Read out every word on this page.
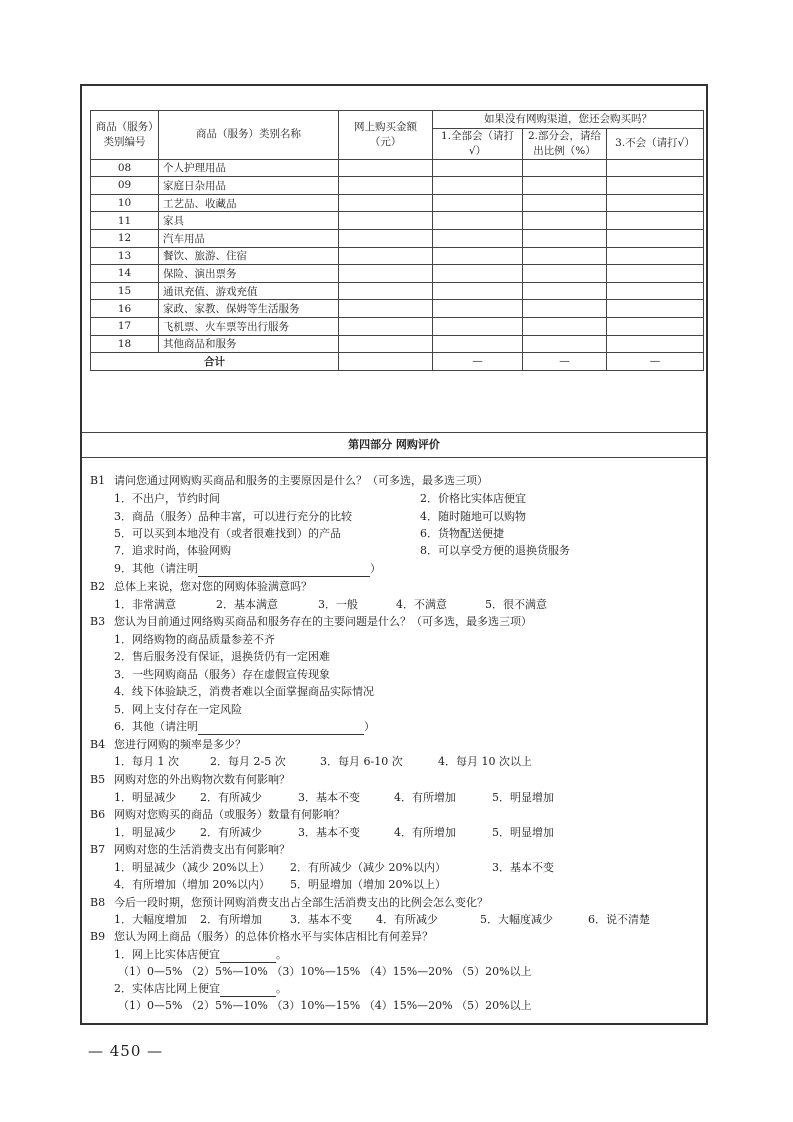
商品（服务）类别编号	商品（服务）类别名称	网上购买金额（元）	如果没有网购渠道，您还会购买吗？		
			1.全部会（请打√）	2.部分会，请给出比例（%）	3.不会（请打√）
08	个人护理用品				
09	家庭日杂用品				
10	工艺品、收藏品				
11	家具				
12	汽车用品				
13	餐饮、旅游、住宿				
14	保险、演出票务				
15	通讯充值、游戏充值				
16	家政、家教、保姆等生活服务				
17	飞机票、火车票等出行服务				
18	其他商品和服务				
合计			—	—	—
第四部分 网购评价
B1 请问您通过网购购买商品和服务的主要原因是什么？（可多选，最多选三项）
1．不出户，节约时间	2．价格比实体店便宜
3．商品（服务）品种丰富，可以进行充分的比较	4．随时随地可以购物
5．可以买到本地没有（或者很难找到）的产品	6．货物配送便捷
7．追求时尚，体验网购	8．可以享受方便的退换货服务
9．其他（请注明	）
B2 总体上来说，您对您的网购体验满意吗？
1．非常满意	2．基本满意	3．一般	4．不满意	5．很不满意
B3 您认为目前通过网络购买商品和服务存在的主要问题是什么？（可多选，最多选三项）
1．网络购物的商品质量参差不齐
2．售后服务没有保证，退换货仍有一定困难
3．一些网购商品（服务）存在虚假宣传现象
4．线下体验缺乏，消费者难以全面掌握商品实际情况
5．网上支付存在一定风险
6．其他（请注明	）
B4 您进行网购的频率是多少？
1．每月 1 次	2．每月 2-5 次	3．每月 6-10 次	4．每月 10 次以上
B5 网购对您的外出购物次数有何影响？
1．明显减少 2．有所减少	3．基本不变	4．有所增加	5．明显增加
B6 网购对您购买的商品（或服务）数量有何影响？
1．明显减少 2．有所减少	3．基本不变	4．有所增加	5．明显增加
B7 网购对您的生活消费支出有何影响？
1．明显减少（减少 20%以上） 2．有所减少（减少 20%以内）	3．基本不变
4．有所增加（增加 20%以内） 5．明显增加（增加 20%以上）
B8 今后一段时期，您预计网购消费支出占全部生活消费支出的比例会怎么变化？
1．大幅度增加 2．有所增加	3．基本不变 4．有所减少	5．大幅度减少	6．说不清楚
B9 您认为网上商品（服务）的总体价格水平与实体店相比有何差异？
1．网上比实体店便宜	。
（1）0—5% （2）5%—10% （3）10%—15% （4）15%—20% （5）20%以上
2．实体店比网上便宜	。
（1）0—5% （2）5%—10% （3）10%—15% （4）15%—20% （5）20%以上
— 450 —
